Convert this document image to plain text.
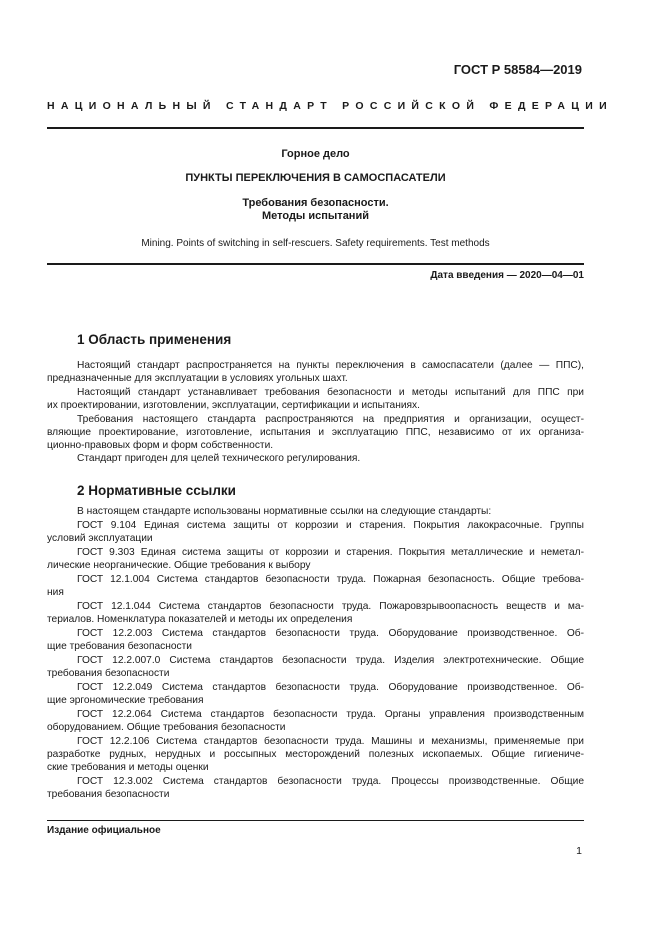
ГОСТ Р 58584—2019
НАЦИОНАЛЬНЫЙ СТАНДАРТ РОССИЙСКОЙ ФЕДЕРАЦИИ
Горное дело
ПУНКТЫ ПЕРЕКЛЮЧЕНИЯ В САМОСПАСАТЕЛИ
Требования безопасности.
Методы испытаний
Mining. Points of switching in self-rescuers. Safety requirements. Test methods
Дата введения — 2020—04—01
1 Область применения
Настоящий стандарт распространяется на пункты переключения в самоспасатели (далее — ППС),
предназначенные для эксплуатации в условиях угольных шахт.
Настоящий стандарт устанавливает требования безопасности и методы испытаний для ППС при
их проектировании, изготовлении, эксплуатации, сертификации и испытаниях.
Требования настоящего стандарта распространяются на предприятия и организации, осущест-
вляющие проектирование, изготовление, испытания и эксплуатацию ППС, независимо от их организа-
ционно-правовых форм и форм собственности.
Стандарт пригоден для целей технического регулирования.
2 Нормативные ссылки
В настоящем стандарте использованы нормативные ссылки на следующие стандарты:
ГОСТ 9.104 Единая система защиты от коррозии и старения. Покрытия лакокрасочные. Группы
условий эксплуатации
ГОСТ 9.303 Единая система защиты от коррозии и старения. Покрытия металлические и неметал-
лические неорганические. Общие требования к выбору
ГОСТ 12.1.004 Система стандартов безопасности труда. Пожарная безопасность. Общие требова-
ния
ГОСТ 12.1.044 Система стандартов безопасности труда. Пожаровзрывоопасность веществ и ма-
териалов. Номенклатура показателей и методы их определения
ГОСТ 12.2.003 Система стандартов безопасности труда. Оборудование производственное. Об-
щие требования безопасности
ГОСТ 12.2.007.0 Система стандартов безопасности труда. Изделия электротехнические. Общие
требования безопасности
ГОСТ 12.2.049 Система стандартов безопасности труда. Оборудование производственное. Об-
щие эргономические требования
ГОСТ 12.2.064 Система стандартов безопасности труда. Органы управления производственным
оборудованием. Общие требования безопасности
ГОСТ 12.2.106 Система стандартов безопасности труда. Машины и механизмы, применяемые при
разработке рудных, нерудных и россыпных месторождений полезных ископаемых. Общие гигиениче-
ские требования и методы оценки
ГОСТ 12.3.002 Система стандартов безопасности труда. Процессы производственные. Общие
требования безопасности
Издание официальное
1
